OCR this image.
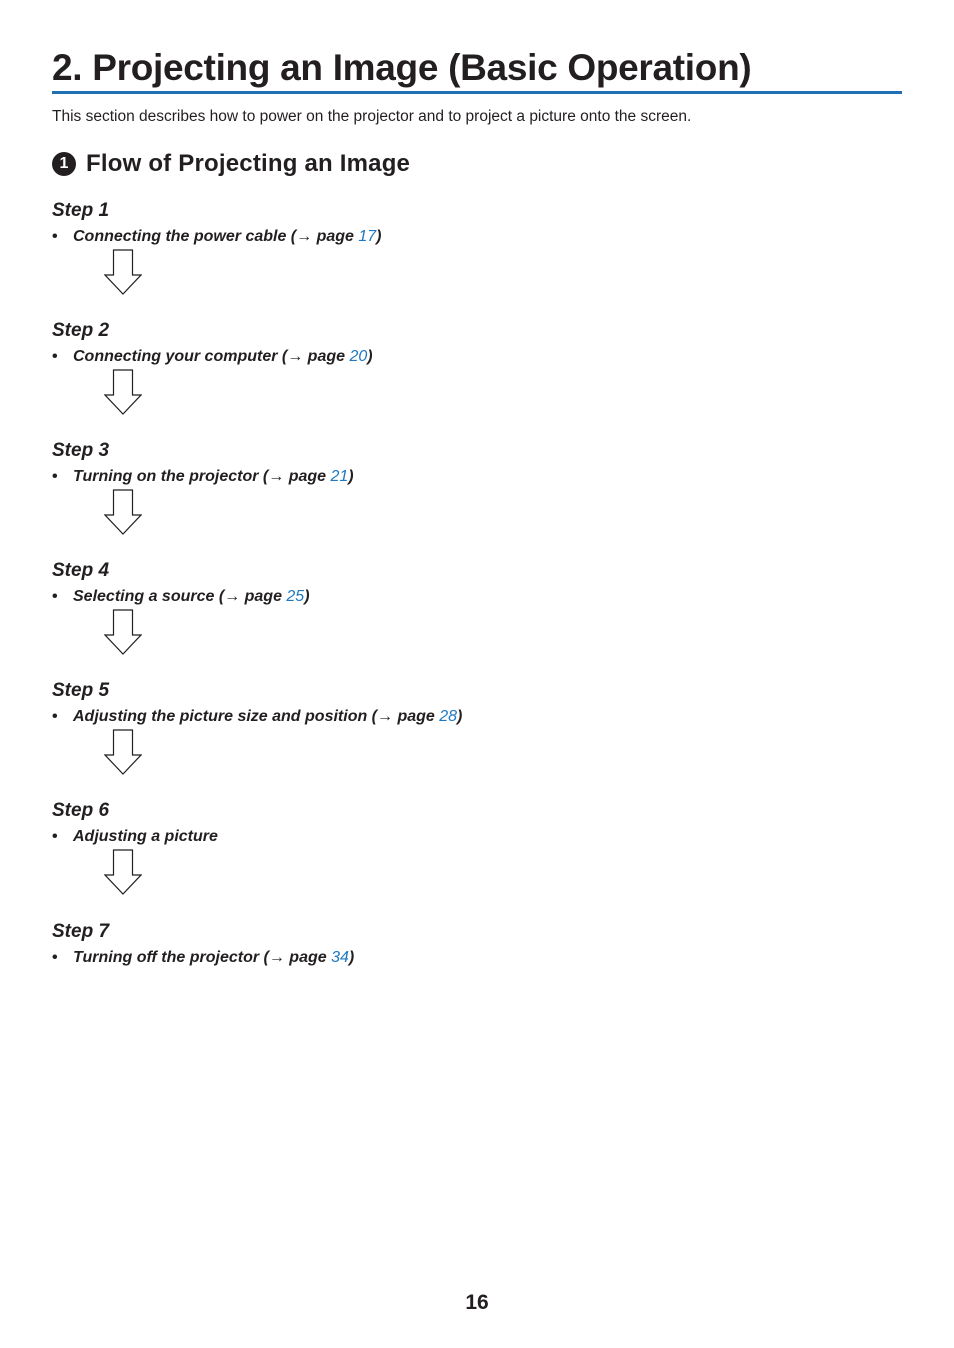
2. Projecting an Image (Basic Operation)
This section describes how to power on the projector and to project a picture onto the screen.
1 Flow of Projecting an Image
Step 1
• Connecting the power cable (→ page 17)
Step 2
• Connecting your computer (→ page 20)
Step 3
• Turning on the projector (→ page 21)
Step 4
• Selecting a source (→ page 25)
Step 5
• Adjusting the picture size and position (→ page 28)
Step 6
• Adjusting a picture
Step 7
• Turning off the projector (→ page 34)
16
